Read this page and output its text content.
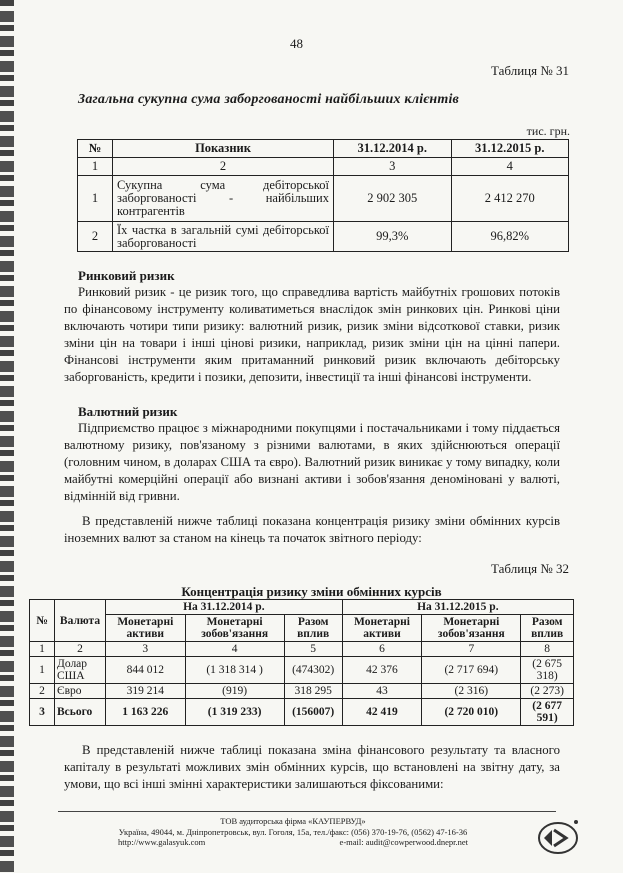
48
Таблиця № 31
Загальна сукупна сума заборгованості найбільших клієнтів
тис. грн.
№	Показник	31.12.2014 р.	31.12.2015 р.
1	2	3	4
1	Сукупна сума дебіторської заборгованості - найбільших контрагентів	2 902 305	2 412 270
2	Їх частка в загальній сумі дебіторської заборгованості	99,3%	96,82%
Ринковий ризик
Ринковий ризик - це ризик того, що справедлива вартість майбутніх грошових потоків по фінансовому інструменту коливатиметься внаслідок змін ринкових цін. Ринкові ціни включають чотири типи ризику: валютний ризик, ризик зміни відсоткової ставки, ризик зміни цін на товари і інші цінові ризики, наприклад, ризик зміни цін на цінні папери. Фінансові інструменти яким притаманний ринковий ризик включають дебіторську заборгованість, кредити і позики, депозити, інвестиції та інші фінансові інструменти.
Валютний ризик
Підприємство працює з міжнародними покупцями і постачальниками і тому піддається валютному ризику, пов'язаному з різними валютами, в яких здійснюються операції (головним чином, в доларах США та євро). Валютний ризик виникає у тому випадку, коли майбутні комерційні операції або визнані активи і зобов'язання деноміновані у валюті, відмінній від гривни.
В представленій нижче таблиці показана концентрація ризику зміни обмінних курсів іноземних валют за станом на кінець та початок звітного періоду:
Таблиця № 32
Концентрація ризику зміни обмінних курсів
№	Валюта	На 31.12.2014 р.			На 31.12.2015 р.		
		Монетарні активи	Монетарні зобов'язання	Разом вплив	Монетарні активи	Монетарні зобов'язання	Разом вплив
1	2	3	4	5	6	7	8
1	Долар США	844 012	(1 318 314 )	(474302)	42 376	(2 717 694)	(2 675 318)
2	Євро	319 214	(919)	318 295	43	(2 316)	(2 273)
3	Всього	1 163 226	(1 319 233)	(156007)	42 419	(2 720 010)	(2 677 591)
В представленій нижче таблиці показана зміна фінансового результату та власного капіталу в результаті можливих змін обмінних курсів, що встановлені на звітну дату, за умови, що всі інші змінні характеристики залишаються фіксованими:
ТОВ аудиторська фірма «КАУПЕРВУД»
Україна, 49044, м. Дніпропетровськ, вул. Гоголя, 15а, тел./факс: (056) 370-19-76, (0562) 47-16-36
http://www.galasyuk.com	e-mail: audit@cowperwood.dnepr.net
